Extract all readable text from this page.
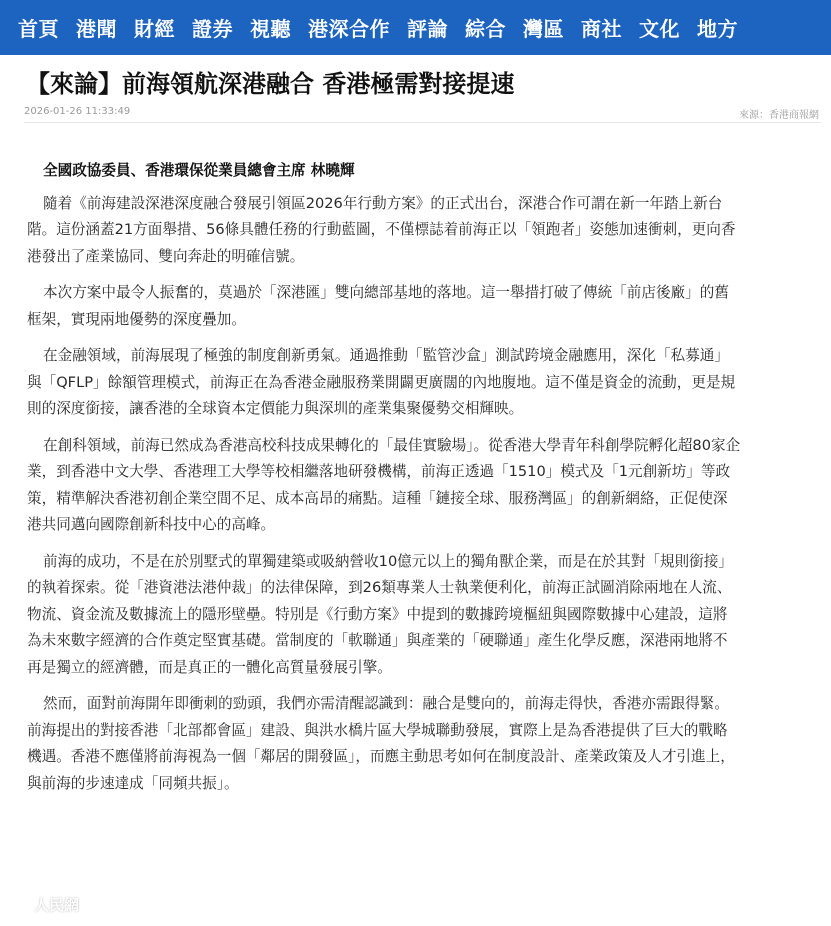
首頁 港聞 財經 證券 視聽 港深合作 評論 綜合 灣區 商社 文化 地方
【來論】前海領航深港融合 香港極需對接提速
2026-01-26 11:33:49	來源：香港商報網

全國政協委員、香港環保從業員總會主席 林曉輝

隨着《前海建設深港深度融合發展引領區2026年行動方案》的正式出台，深港合作可謂在新一年踏上新台
階。這份涵蓋21方面舉措、56條具體任務的行動藍圖，不僅標誌着前海正以「領跑者」姿態加速衝刺，更向香
港發出了產業協同、雙向奔赴的明確信號。

本次方案中最令人振奮的，莫過於「深港匯」雙向總部基地的落地。這一舉措打破了傳統「前店後廠」的舊
框架，實現兩地優勢的深度疊加。

在金融領域，前海展現了極強的制度創新勇氣。通過推動「監管沙盒」測試跨境金融應用，深化「私募通」
與「QFLP」餘額管理模式，前海正在為香港金融服務業開闢更廣闊的內地腹地。這不僅是資金的流動，更是規
則的深度銜接，讓香港的全球資本定價能力與深圳的產業集聚優勢交相輝映。

在創科領域，前海已然成為香港高校科技成果轉化的「最佳實驗場」。從香港大學青年科創學院孵化超80家企
業，到香港中文大學、香港理工大學等校相繼落地研發機構，前海正透過「1510」模式及「1元創新坊」等政
策，精準解決香港初創企業空間不足、成本高昂的痛點。這種「鏈接全球、服務灣區」的創新網絡，正促使深
港共同邁向國際創新科技中心的高峰。

前海的成功，不是在於別墅式的單獨建築或吸納營收10億元以上的獨角獸企業，而是在於其對「規則銜接」
的執着探索。從「港資港法港仲裁」的法律保障，到26類專業人士執業便利化，前海正試圖消除兩地在人流、
物流、資金流及數據流上的隱形壁壘。特別是《行動方案》中提到的數據跨境樞紐與國際數據中心建設，這將
為未來數字經濟的合作奠定堅實基礎。當制度的「軟聯通」與產業的「硬聯通」產生化學反應，深港兩地將不
再是獨立的經濟體，而是真正的一體化高質量發展引擎。

然而，面對前海開年即衝刺的勁頭，我們亦需清醒認識到：融合是雙向的，前海走得快，香港亦需跟得緊。
前海提出的對接香港「北部都會區」建設、與洪水橋片區大學城聯動發展，實際上是為香港提供了巨大的戰略
機遇。香港不應僅將前海視為一個「鄰居的開發區」，而應主動思考如何在制度設計、產業政策及人才引進上，
與前海的步速達成「同頻共振」。

人民網
